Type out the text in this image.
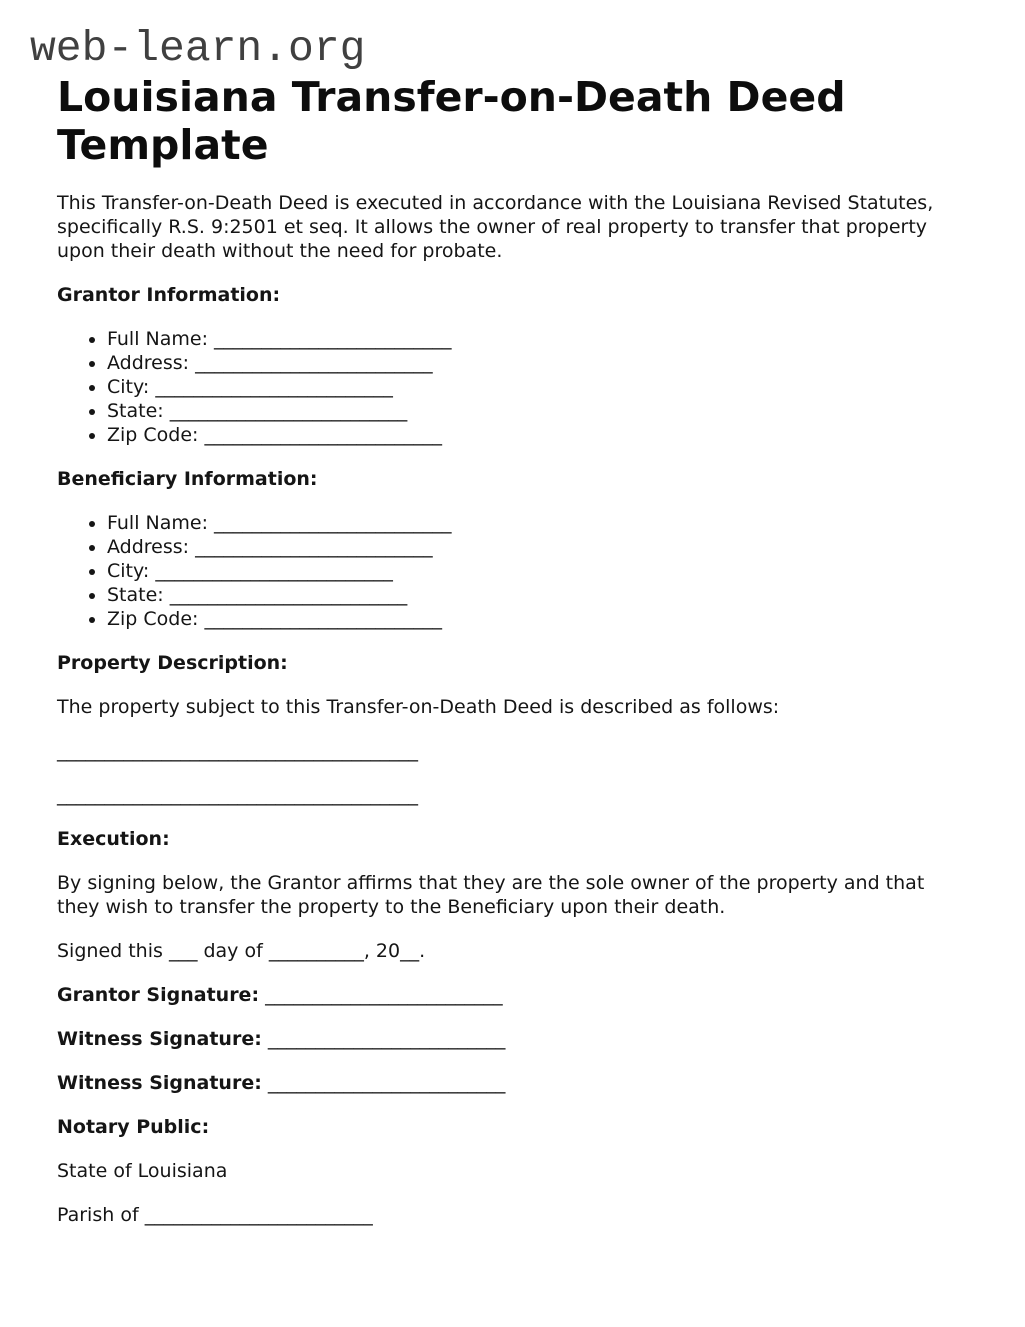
web-learn.org
Louisiana Transfer-on-Death Deed Template

This Transfer-on-Death Deed is executed in accordance with the Louisiana Revised Statutes, specifically R.S. 9:2501 et seq. It allows the owner of real property to transfer that property upon their death without the need for probate.

Grantor Information:

• Full Name: _________________________
• Address: _________________________
• City: _________________________
• State: _________________________
• Zip Code: _________________________

Beneficiary Information:

• Full Name: _________________________
• Address: _________________________
• City: _________________________
• State: _________________________
• Zip Code: _________________________

Property Description:

The property subject to this Transfer-on-Death Deed is described as follows:

______________________________________

______________________________________

Execution:

By signing below, the Grantor affirms that they are the sole owner of the property and that they wish to transfer the property to the Beneficiary upon their death.

Signed this ___ day of __________, 20__.

Grantor Signature: _________________________

Witness Signature: _________________________

Witness Signature: _________________________

Notary Public:

State of Louisiana

Parish of ________________________
